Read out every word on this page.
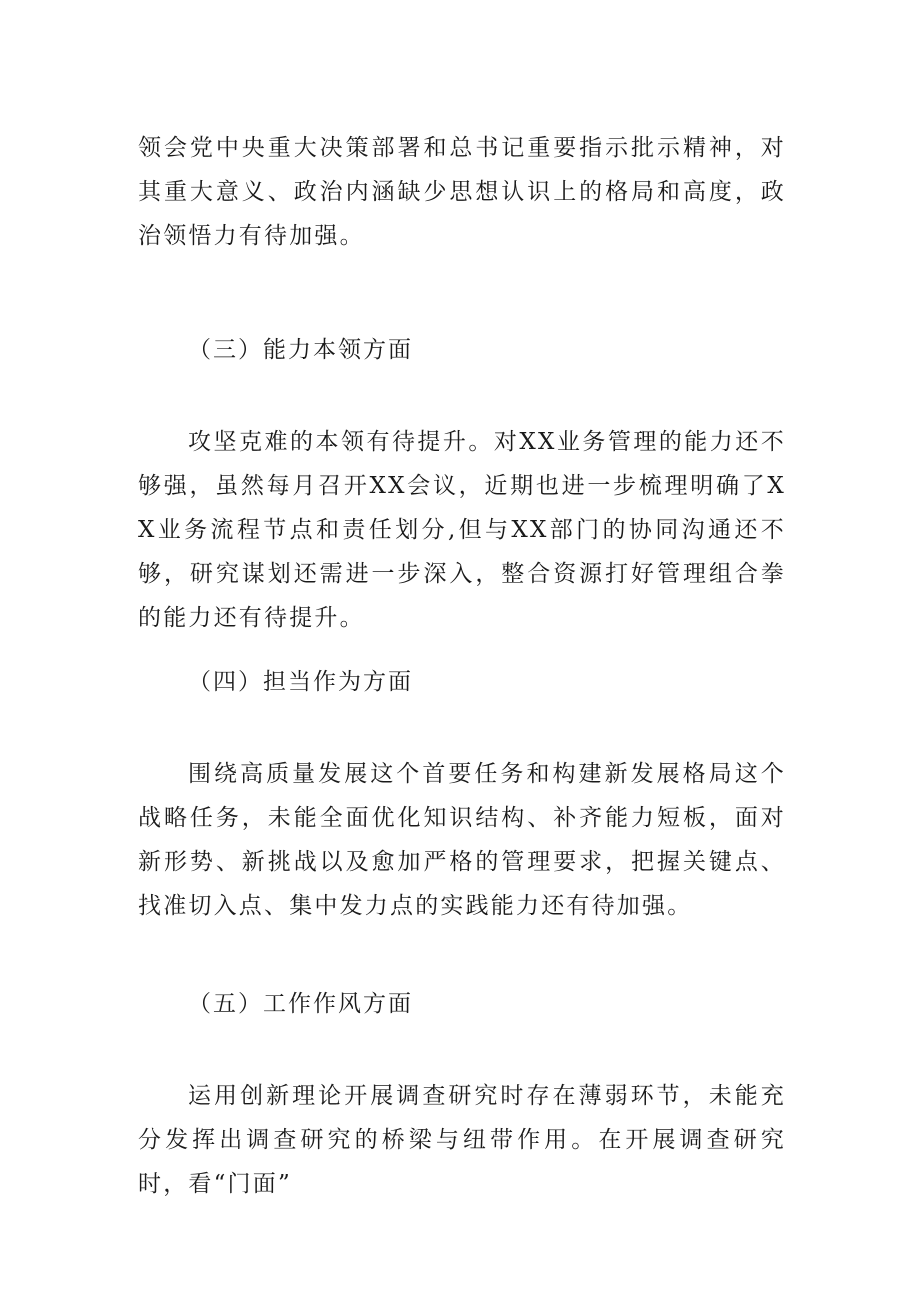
领会党中央重大决策部署和总书记重要指示批示精神，对其重大意义、政治内涵缺少思想认识上的格局和高度，政治领悟力有待加强。

（三）能力本领方面

攻坚克难的本领有待提升。对XX业务管理的能力还不够强，虽然每月召开XX会议，近期也进一步梳理明确了XX业务流程节点和责任划分,但与XX部门的协同沟通还不够，研究谋划还需进一步深入，整合资源打好管理组合拳的能力还有待提升。

（四）担当作为方面

围绕高质量发展这个首要任务和构建新发展格局这个战略任务，未能全面优化知识结构、补齐能力短板，面对新形势、新挑战以及愈加严格的管理要求，把握关键点、找准切入点、集中发力点的实践能力还有待加强。

（五）工作作风方面

运用创新理论开展调查研究时存在薄弱环节，未能充分发挥出调查研究的桥梁与纽带作用。在开展调查研究时，看“门面”
